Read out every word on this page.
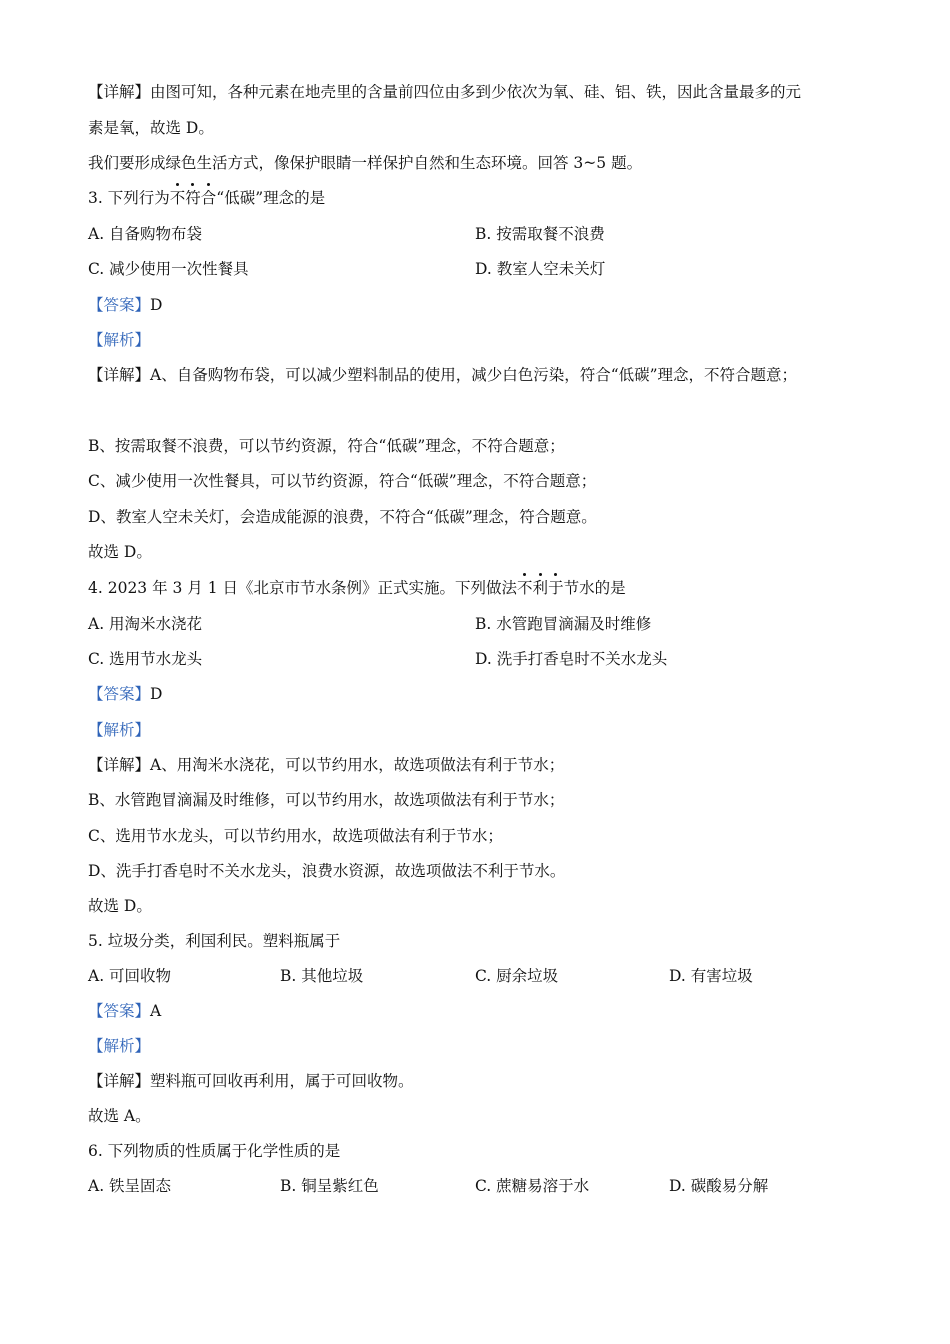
【详解】由图可知，各种元素在地壳里的含量前四位由多到少依次为氧、硅、铝、铁，因此含量最多的元
素是氧，故选 D。
我们要形成绿色生活方式，像保护眼睛一样保护自然和生态环境。回答 3~5 题。
3. 下列行为不符合“低碳”理念的是
A. 自备购物布袋	B. 按需取餐不浪费
C. 减少使用一次性餐具	D. 教室人空未关灯
【答案】D
【解析】
【详解】A、自备购物布袋，可以减少塑料制品的使用，减少白色污染，符合“低碳”理念，不符合题意；
B、按需取餐不浪费，可以节约资源，符合“低碳”理念，不符合题意；
C、减少使用一次性餐具，可以节约资源，符合“低碳”理念，不符合题意；
D、教室人空未关灯，会造成能源的浪费，不符合“低碳”理念，符合题意。
故选 D。
4. 2023 年 3 月 1 日《北京市节水条例》正式实施。下列做法不利于节水的是
A. 用淘米水浇花	B. 水管跑冒滴漏及时维修
C. 选用节水龙头	D. 洗手打香皂时不关水龙头
【答案】D
【解析】
【详解】A、用淘米水浇花，可以节约用水，故选项做法有利于节水；
B、水管跑冒滴漏及时维修，可以节约用水，故选项做法有利于节水；
C、选用节水龙头，可以节约用水，故选项做法有利于节水；
D、洗手打香皂时不关水龙头，浪费水资源，故选项做法不利于节水。
故选 D。
5. 垃圾分类，利国利民。塑料瓶属于
A. 可回收物	B. 其他垃圾	C. 厨余垃圾	D. 有害垃圾
【答案】A
【解析】
【详解】塑料瓶可回收再利用，属于可回收物。
故选 A。
6. 下列物质的性质属于化学性质的是
A. 铁呈固态	B. 铜呈紫红色	C. 蔗糖易溶于水	D. 碳酸易分解
